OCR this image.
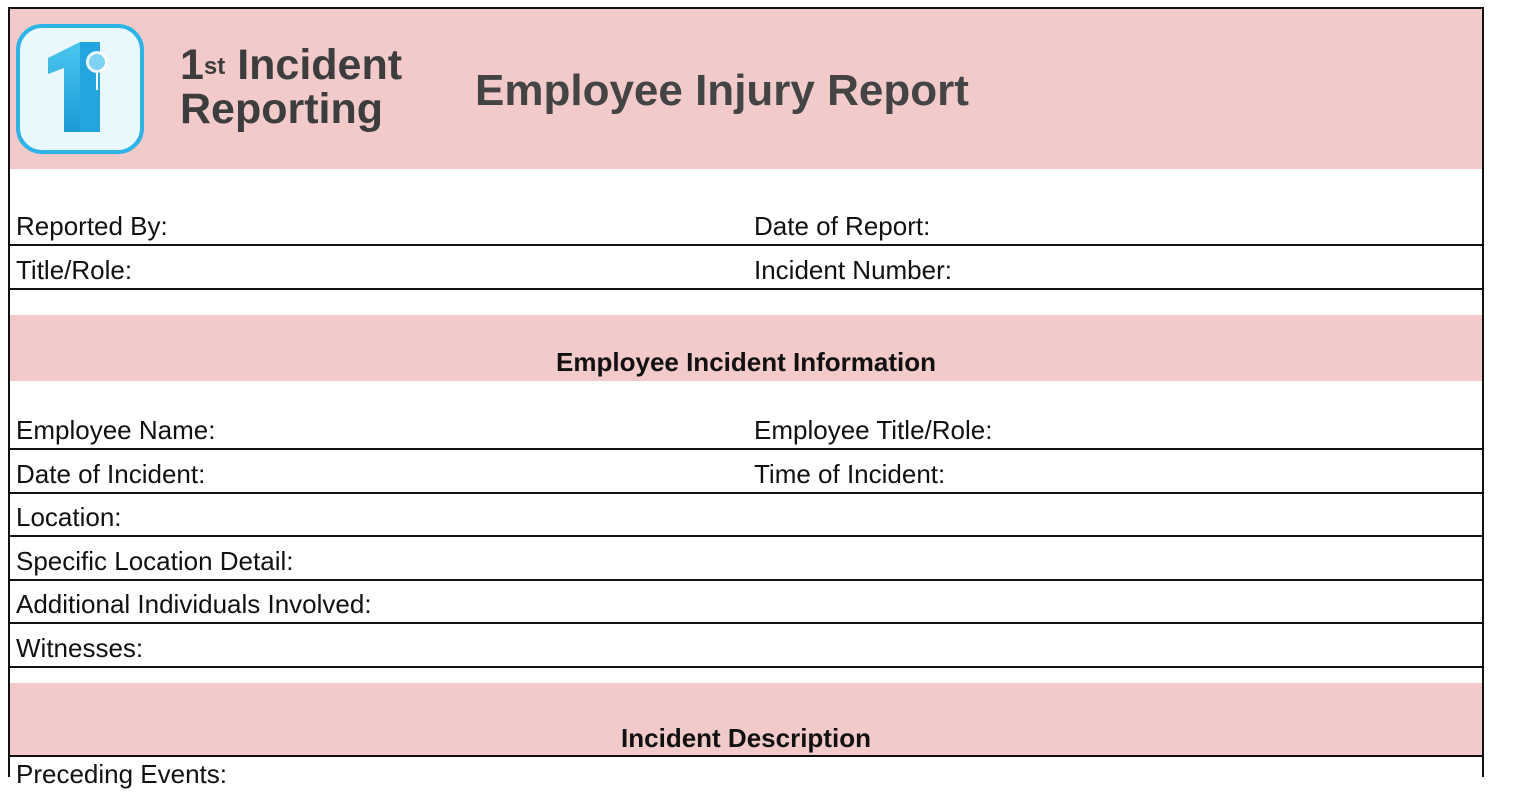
1st Incident
Reporting	Employee Injury Report
Reported By:	Date of Report:
Title/Role:	Incident Number:
Employee Incident Information
Employee Name:	Employee Title/Role:
Date of Incident:	Time of Incident:
Location:
Specific Location Detail:
Additional Individuals Involved:
Witnesses:
Incident Description
Preceding Events:
